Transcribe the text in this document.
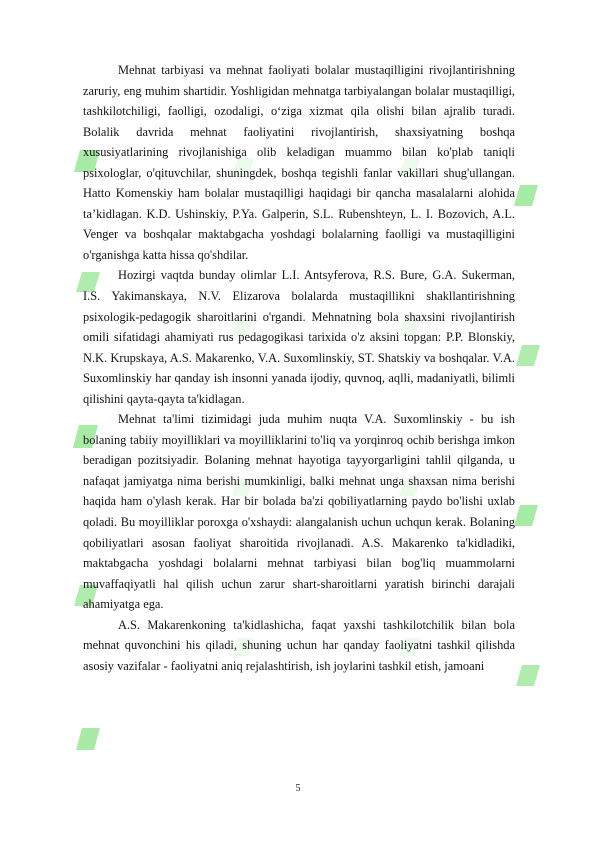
Mehnat tarbiyasi va mehnat faoliyati bolalar mustaqilligini rivojlantirishning zaruriy, eng muhim shartidir. Yoshligidan mehnatga tarbiyalangan bolalar mustaqilligi, tashkilotchiligi, faolligi, ozodaligi, o‘ziga xizmat qila olishi bilan ajralib turadi. Bolalik davrida mehnat faoliyatini rivojlantirish, shaxsiyatning boshqa xususiyatlarining rivojlanishiga olib keladigan muammo bilan ko'plab taniqli psixologlar, o'qituvchilar, shuningdek, boshqa tegishli fanlar vakillari shug'ullangan. Hatto Komenskiy ham bolalar mustaqilligi haqidagi bir qancha masalalarni alohida ta’kidlagan. K.D. Ushinskiy, P.Ya. Galperin, S.L. Rubenshteyn, L. I. Bozovich, A.L. Venger va boshqalar maktabgacha yoshdagi bolalarning faolligi va mustaqilligini o'rganishga katta hissa qo'shdilar.

Hozirgi vaqtda bunday olimlar L.I. Antsyferova, R.S. Bure, G.A. Sukerman, I.S. Yakimanskaya, N.V. Elizarova bolalarda mustaqillikni shakllantirishning psixologik-pedagogik sharoitlarini o'rgandi. Mehnatning bola shaxsini rivojlantirish omili sifatidagi ahamiyati rus pedagogikasi tarixida o'z aksini topgan: P.P. Blonskiy, N.K. Krupskaya, A.S. Makarenko, V.A. Suxomlinskiy, ST. Shatskiy va boshqalar. V.A. Suxomlinskiy har qanday ish insonni yanada ijodiy, quvnoq, aqlli, madaniyatli, bilimli qilishini qayta-qayta ta'kidlagan.

Mehnat ta'limi tizimidagi juda muhim nuqta V.A. Suxomlinskiy - bu ish bolaning tabiiy moyilliklari va moyilliklarini to'liq va yorqinroq ochib berishga imkon beradigan pozitsiyadir. Bolaning mehnat hayotiga tayyorgarligini tahlil qilganda, u nafaqat jamiyatga nima berishi mumkinligi, balki mehnat unga shaxsan nima berishi haqida ham o'ylash kerak. Har bir bolada ba'zi qobiliyatlarning paydo bo'lishi uxlab qoladi. Bu moyilliklar poroxga o'xshaydi: alangalanish uchun uchqun kerak. Bolaning qobiliyatlari asosan faoliyat sharoitida rivojlanadi. A.S. Makarenko ta'kidladiki, maktabgacha yoshdagi bolalarni mehnat tarbiyasi bilan bog'liq muammolarni muvaffaqiyatli hal qilish uchun zarur shart-sharoitlarni yaratish birinchi darajali ahamiyatga ega.

A.S. Makarenkoning ta'kidlashicha, faqat yaxshi tashkilotchilik bilan bola mehnat quvonchini his qiladi, shuning uchun har qanday faoliyatni tashkil qilishda asosiy vazifalar - faoliyatni aniq rejalashtirish, ish joylarini tashkil etish, jamoani

5
